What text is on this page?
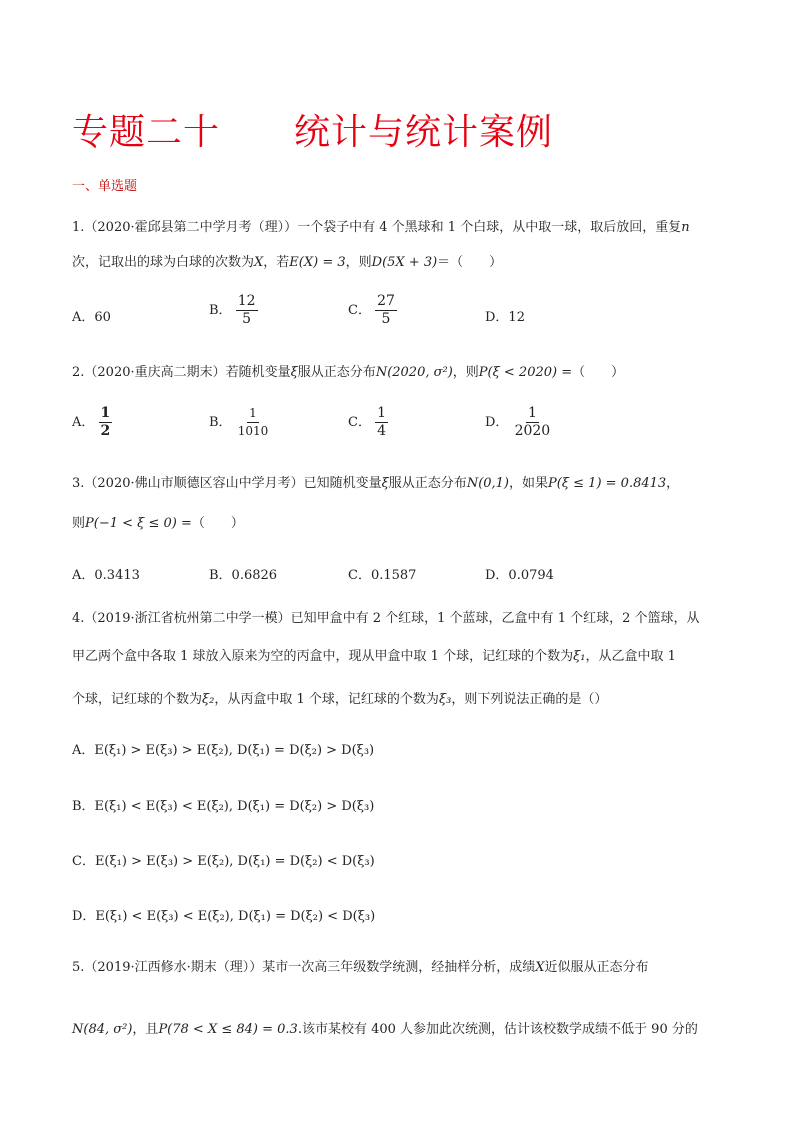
专题二十　　统计与统计案例
一、单选题
1.（2020·霍邱县第二中学月考（理））一个袋子中有 4 个黑球和 1 个白球，从中取一球，取后放回，重复n
次，记取出的球为白球的次数为X，若E(X) = 3，则D(5X + 3)＝（　　）
A．60	B． $\frac{12}{5}$	C． $\frac{27}{5}$	D．12
2.（2020·重庆高二期末）若随机变量ξ服从正态分布N(2020, σ²)，则P(ξ < 2020) =（　　）
A． $\frac{1}{2}$	B． $\frac{1}{1010}$	C． $\frac{1}{4}$	D． $\frac{1}{2020}$
3.（2020·佛山市顺德区容山中学月考）已知随机变量ξ服从正态分布N(0,1)，如果P(ξ ≤ 1) = 0.8413，
则P(−1 < ξ ≤ 0) =（　　）
A．0.3413	B．0.6826	C．0.1587	D．0.0794
4.（2019·浙江省杭州第二中学一模）已知甲盒中有 2 个红球，1 个蓝球，乙盒中有 1 个红球，2 个篮球，从
甲乙两个盒中各取 1 球放入原来为空的丙盒中，现从甲盒中取 1 个球，记红球的个数为ξ₁，从乙盒中取 1
个球，记红球的个数为ξ₂，从丙盒中取 1 个球，记红球的个数为ξ₃，则下列说法正确的是（）
A．E(ξ₁) > E(ξ₃) > E(ξ₂), D(ξ₁) = D(ξ₂) > D(ξ₃)
B．E(ξ₁) < E(ξ₃) < E(ξ₂), D(ξ₁) = D(ξ₂) > D(ξ₃)
C．E(ξ₁) > E(ξ₃) > E(ξ₂), D(ξ₁) = D(ξ₂) < D(ξ₃)
D．E(ξ₁) < E(ξ₃) < E(ξ₂), D(ξ₁) = D(ξ₂) < D(ξ₃)
5.（2019·江西修水·期末（理））某市一次高三年级数学统测，经抽样分析，成绩X近似服从正态分布
N(84, σ²)，且P(78 < X ≤ 84) = 0.3.该市某校有 400 人参加此次统测，估计该校数学成绩不低于 90 分的
